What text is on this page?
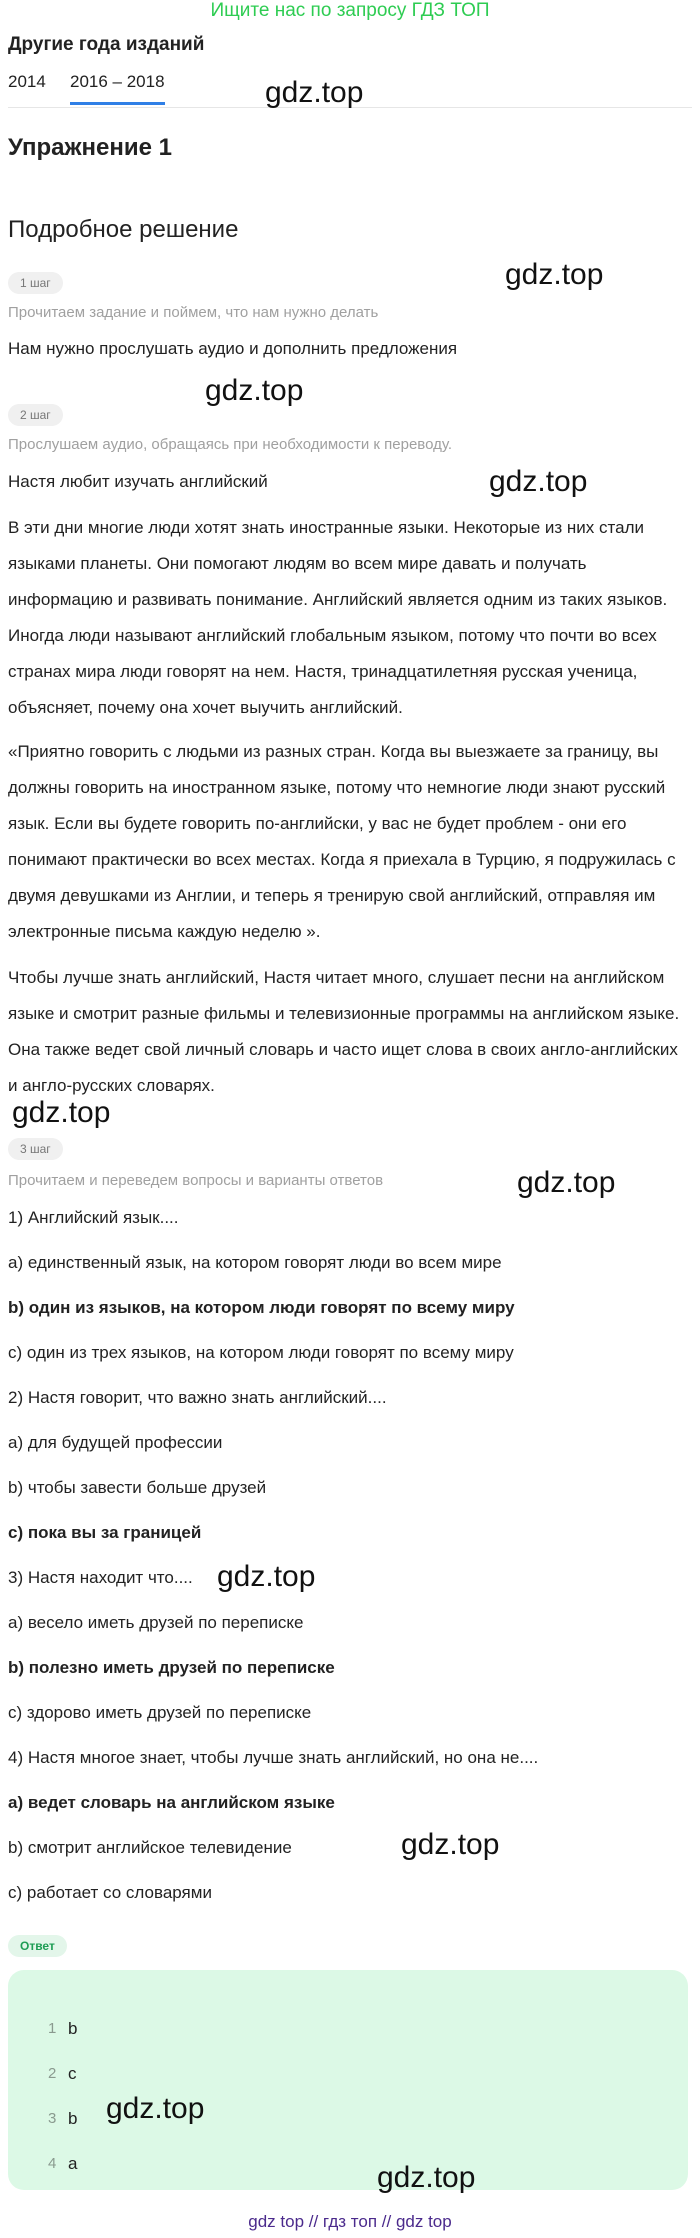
Ищите нас по запросу ГДЗ ТОП
Другие года изданий
2014 2016 – 2018	gdz.top
Упражнение 1
Подробное решение
1 шаг	gdz.top
Прочитаем задание и поймем, что нам нужно делать
Нам нужно прослушать аудио и дополнить предложения
gdz.top
2 шаг
Прослушаем аудио, обращаясь при необходимости к переводу.
Настя любит изучать английский	gdz.top
В эти дни многие люди хотят знать иностранные языки. Некоторые из них стали языками планеты. Они помогают людям во всем мире давать и получать информацию и развивать понимание. Английский является одним из таких языков. Иногда люди называют английский глобальным языком, потому что почти во всех странах мира люди говорят на нем. Настя, тринадцатилетняя русская ученица, объясняет, почему она хочет выучить английский.
«Приятно говорить с людьми из разных стран. Когда вы выезжаете за границу, вы должны говорить на иностранном языке, потому что немногие люди знают русский язык. Если вы будете говорить по-английски, у вас не будет проблем - они его понимают практически во всех местах. Когда я приехала в Турцию, я подружилась с двумя девушками из Англии, и теперь я тренирую свой английский, отправляя им электронные письма каждую неделю ».
Чтобы лучше знать английский, Настя читает много, слушает песни на английском языке и смотрит разные фильмы и телевизионные программы на английском языке. Она также ведет свой личный словарь и часто ищет слова в своих англо-английских и англо-русских словарях.
gdz.top
3 шаг
Прочитаем и переведем вопросы и варианты ответов	gdz.top
1) Английский язык....
a) единственный язык, на котором говорят люди во всем мире
b) один из языков, на котором люди говорят по всему миру
c) один из трех языков, на котором люди говорят по всему миру
2) Настя говорит, что важно знать английский....
a) для будущей профессии
b) чтобы завести больше друзей
c) пока вы за границей
3) Настя находит что.... gdz.top
a) весело иметь друзей по переписке
b) полезно иметь друзей по переписке
c) здорово иметь друзей по переписке
4) Настя многое знает, чтобы лучше знать английский, но она не....
a) ведет словарь на английском языке
b) смотрит английское телевидение	gdz.top
c) работает со словарями
Ответ
1 b
2 c
3 b gdz.top
4 a	gdz.top
gdz top // гдз топ // gdz top
